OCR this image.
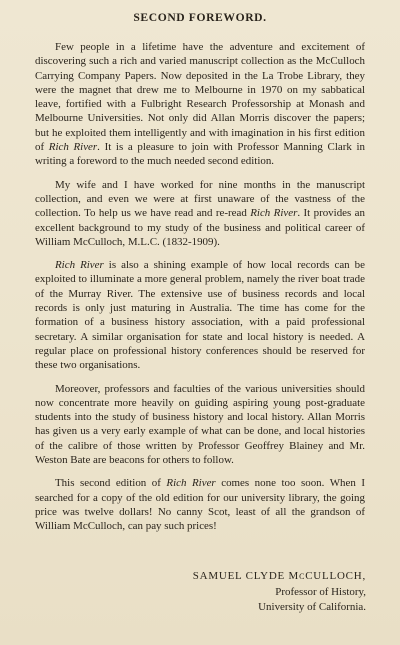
SECOND FOREWORD.

Few people in a lifetime have the adventure and excitement of discovering such a rich and varied manuscript collection as the McCulloch Carrying Company Papers. Now deposited in the La Trobe Library, they were the magnet that drew me to Melbourne in 1970 on my sabbatical leave, fortified with a Fulbright Research Professorship at Monash and Melbourne Universities. Not only did Allan Morris discover the papers; but he exploited them intelligently and with imagination in his first edition of Rich River. It is a pleasure to join with Professor Manning Clark in writing a foreword to the much needed second edition.

My wife and I have worked for nine months in the manuscript collection, and even we were at first unaware of the vastness of the collection. To help us we have read and re-read Rich River. It provides an excellent background to my study of the business and political career of William McCulloch, M.L.C. (1832-1909).

Rich River is also a shining example of how local records can be exploited to illuminate a more general problem, namely the river boat trade of the Murray River. The extensive use of business records and local records is only just maturing in Australia. The time has come for the formation of a business history association, with a paid professional secretary. A similar organisation for state and local history is needed. A regular place on professional history conferences should be reserved for these two organisations.

Moreover, professors and faculties of the various universities should now concentrate more heavily on guiding aspiring young post-graduate students into the study of business history and local history. Allan Morris has given us a very early example of what can be done, and local histories of the calibre of those written by Professor Geoffrey Blainey and Mr. Weston Bate are beacons for others to follow.

This second edition of Rich River comes none too soon. When I searched for a copy of the old edition for our university library, the going price was twelve dollars! No canny Scot, least of all the grandson of William McCulloch, can pay such prices!

SAMUEL CLYDE McCULLOCH,
Professor of History,
University of California.
